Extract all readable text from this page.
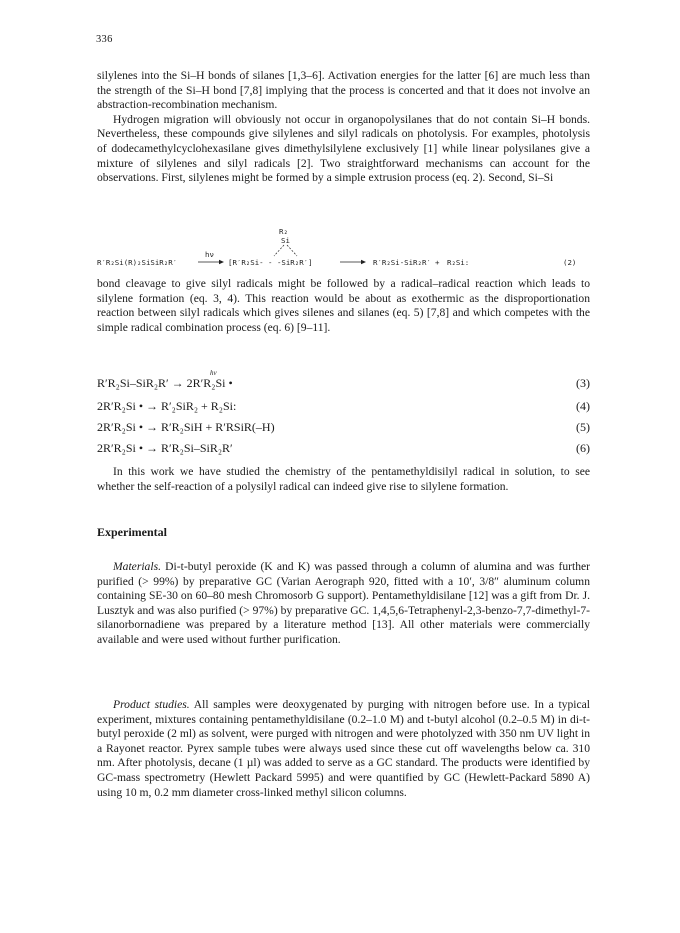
336

silylenes into the Si–H bonds of silanes [1,3–6]. Activation energies for the latter [6] are much less than the strength of the Si–H bond [7,8] implying that the process is concerted and that it does not involve an abstraction-recombination mechanism.

Hydrogen migration will obviously not occur in organopolysilanes that do not contain Si–H bonds. Nevertheless, these compounds give silylenes and silyl radicals on photolysis. For examples, photolysis of dodecamethylcyclohexasilane gives dimethylsilylene exclusively [1] while linear polysilanes give a mixture of silylenes and silyl radicals [2]. Two straightforward mechanisms can account for the observations. First, silylenes might be formed by a simple extrusion process (eq. 2). Second, Si–Si

R₂
Si
R′R₂Si(R)₂SiSiR₂R′
hν
[R′R₂Si- - -SiR₂R′]	R′R₂Si-SiR₂R′ + R₂Si:	(2)

bond cleavage to give silyl radicals might be followed by a radical–radical reaction which leads to silylene formation (eq. 3, 4). This reaction would be about as exothermic as the disproportionation reaction between silyl radicals which gives silenes and silanes (eq. 5) [7,8] and which competes with the simple radical combination process (eq. 6) [9–11].

R′R₂Si–SiR₂R′ → 2R′R₂Si •
hν
(3)
2R′R₂Si • → R′₂SiR₂ + R₂Si:	(4)
2R′R₂Si • → R′R₂SiH + R′RSiR(–H)	(5)
2R′R₂Si • → R′R₂Si–SiR₂R′	(6)

In this work we have studied the chemistry of the pentamethyldisilyl radical in solution, to see whether the self-reaction of a polysilyl radical can indeed give rise to silylene formation.

Experimental

Materials. Di-t-butyl peroxide (K and K) was passed through a column of alumina and was further purified (> 99%) by preparative GC (Varian Aerograph 920, fitted with a 10′, 3/8″ aluminum column containing SE-30 on 60–80 mesh Chromosorb G support). Pentamethyldisilane [12] was a gift from Dr. J. Lusztyk and was also purified (> 97%) by preparative GC. 1,4,5,6-Tetraphenyl-2,3-benzo-7,7-dimethyl-7-silanorbornadiene was prepared by a literature method [13]. All other materials were commercially available and were used without further purification.

Product studies. All samples were deoxygenated by purging with nitrogen before use. In a typical experiment, mixtures containing pentamethyldisilane (0.2–1.0 M) and t-butyl alcohol (0.2–0.5 M) in di-t-butyl peroxide (2 ml) as solvent, were purged with nitrogen and were photolyzed with 350 nm UV light in a Rayonet reactor. Pyrex sample tubes were always used since these cut off wavelengths below ca. 310 nm. After photolysis, decane (1 µl) was added to serve as a GC standard. The products were identified by GC-mass spectrometry (Hewlett Packard 5995) and were quantified by GC (Hewlett-Packard 5890 A) using 10 m, 0.2 mm diameter cross-linked methyl silicon columns.
